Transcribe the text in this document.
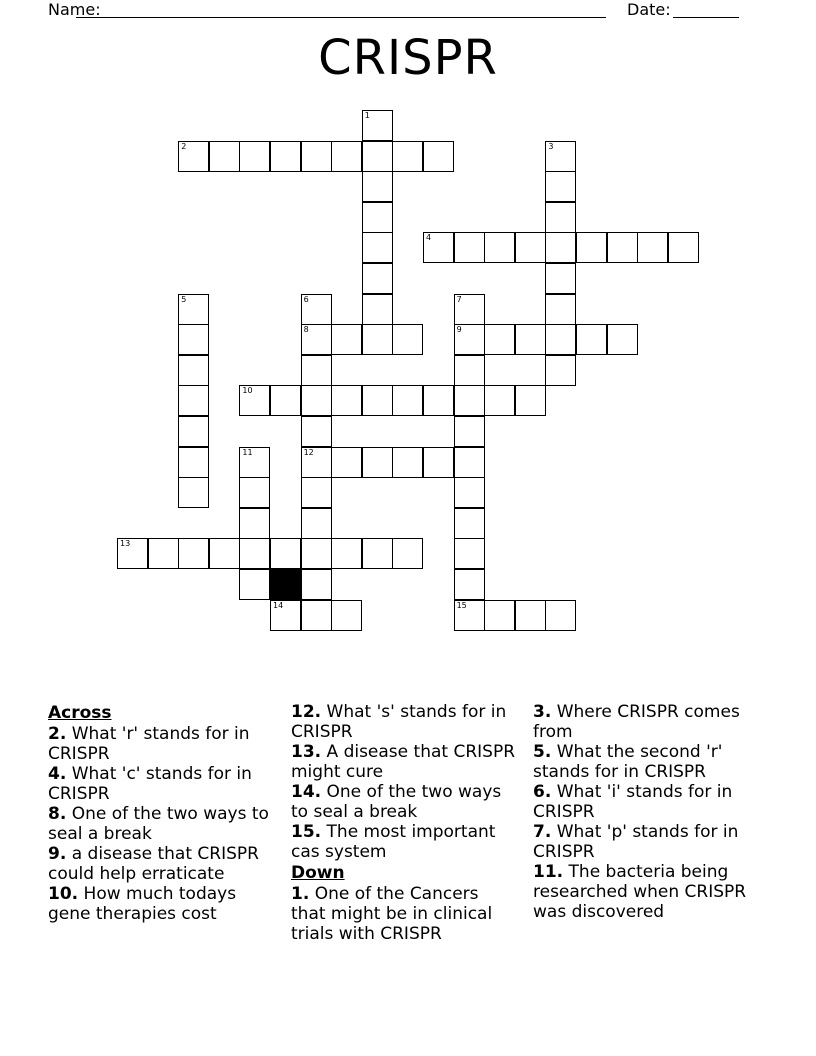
Name:	Date:
CRISPR
1
2	3
4
5	6	7
8	9
10
11	12
13
14	15
Across
2. What 'r' stands for in CRISPR
4. What 'c' stands for in CRISPR
8. One of the two ways to seal a break
9. a disease that CRISPR could help erraticate
10. How much todays gene therapies cost
12. What 's' stands for in CRISPR
13. A disease that CRISPR might cure
14. One of the two ways to seal a break
15. The most important cas system
Down
1. One of the Cancers that might be in clinical trials with CRISPR
3. Where CRISPR comes from
5. What the second 'r' stands for in CRISPR
6. What 'i' stands for in CRISPR
7. What 'p' stands for in CRISPR
11. The bacteria being researched when CRISPR was discovered
